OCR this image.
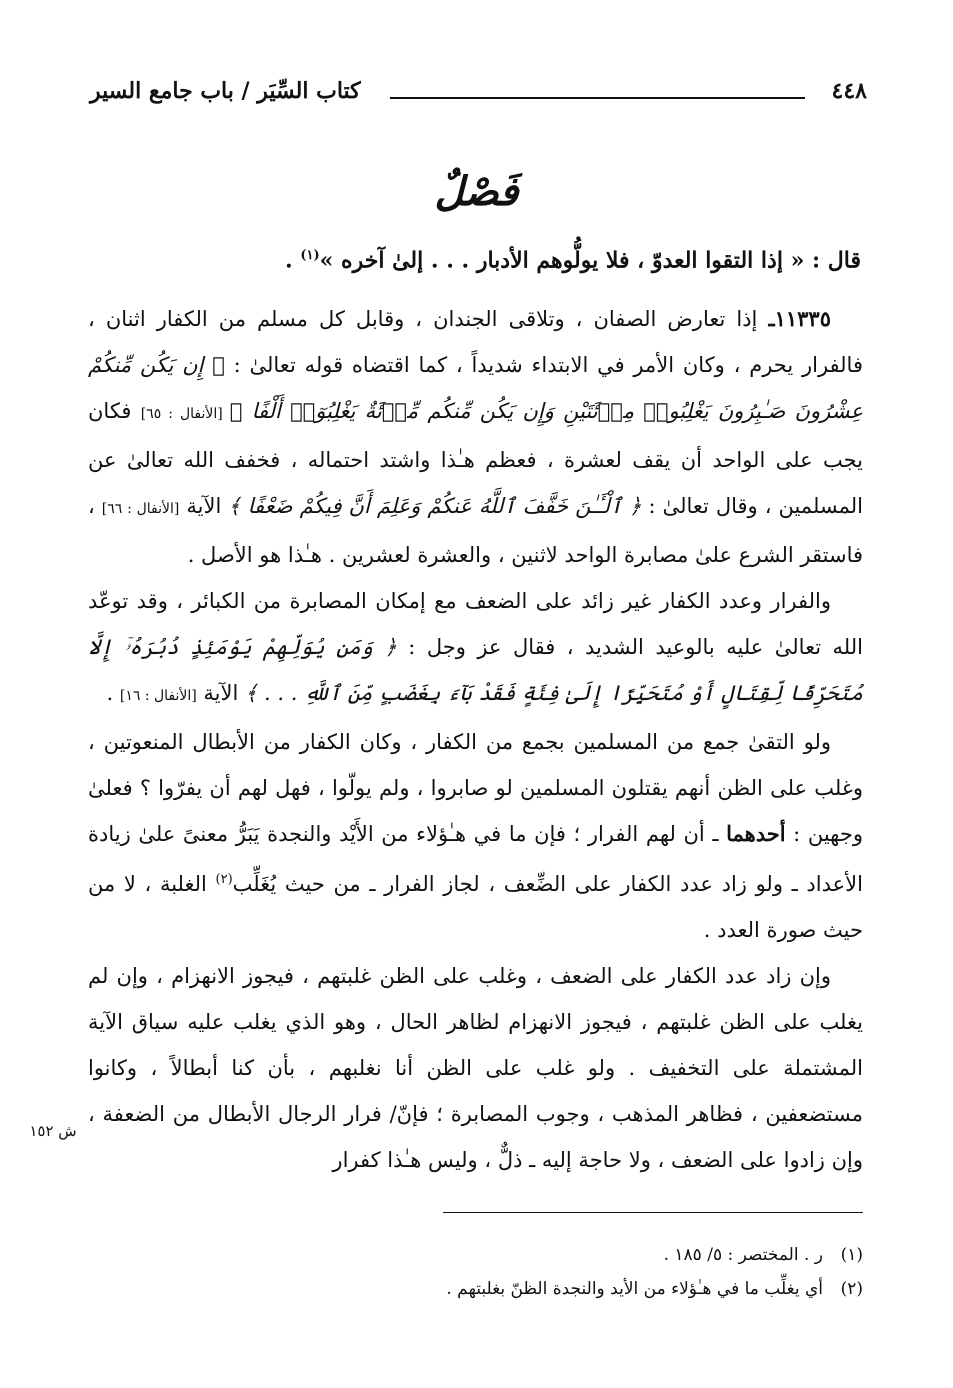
٤٤٨
كتاب السِّيَر / باب جامع السير
فَصْلٌ
قال : « إذا التقوا العدوّ ، فلا يولُّوهم الأدبار . . . إلىٰ آخره »$^{(١)}$ .

١١٣٣٥ـ إذا تعارض الصفان ، وتلاقى الجندان ، وقابل كل مسلم من الكفار اثنان ، فالفرار يحرم ، وكان الأمر في الابتداء شديداً ، كما اقتضاه قوله تعالىٰ : ﴿ إِن يَكُن مِّنكُمْ عِشْرُونَ صَـٰبِرُونَ يَغْلِبُوا۟ مِا۟ئَتَيْنِ وَإِن يَكُن مِّنكُم مِّا۟ئَةٌ يَغْلِبُوٓا۟ أَلْفًا ﴾ [الأنفال : ٦٥] فكان يجب على الواحد أن يقف لعشرة ، فعظم هـٰذا واشتد احتماله ، فخفف الله تعالىٰ عن المسلمين ، وقال تعالىٰ : ﴿ ٱلْـَٔـٰنَ خَفَّفَ ٱللَّهُ عَنكُمْ وَعَلِمَ أَنَّ فِيكُمْ ضَعْفًا ﴾ الآية [الأنفال : ٦٦] ، فاستقر الشرع علىٰ مصابرة الواحد لاثنين ، والعشرة لعشرين . هـٰذا هو الأصل .

والفرار وعدد الكفار غير زائد على الضعف مع إمكان المصابرة من الكبائر ، وقد توعّد الله تعالىٰ عليه بالوعيد الشديد ، فقال عز وجل : ﴿ وَمَن يُوَلِّهِمْ يَوْمَئِذٍ دُبُرَهُۥٓ إِلَّا مُتَحَرِّفًا لِّقِتَالٍ أَوْ مُتَحَيِّزًا إِلَىٰ فِئَةٍ فَقَدْ بَآءَ بِغَضَبٍ مِّنَ ٱللَّهِ . . . ﴾ الآية [الأنفال : ١٦] .

ولو التقىٰ جمع من المسلمين بجمع من الكفار ، وكان الكفار من الأبطال المنعوتين ، وغلب على الظن أنهم يقتلون المسلمين لو صابروا ، ولم يولّوا ، فهل لهم أن يفرّوا ؟ فعلىٰ وجهين : أحدهما ـ أن لهم الفرار ؛ فإن ما في هـٰؤلاء من الأَيْد والنجدة يَبَرُّ معنىً علىٰ زيادة الأعداد ـ ولو زاد عدد الكفار على الضِّعف ، لجاز الفرار ـ من حيث يُغَلِّب$^{(٢)}$ الغلبة ، لا من حيث صورة العدد .

وإن زاد عدد الكفار على الضعف ، وغلب على الظن غلبتهم ، فيجوز الانهزام ، وإن لم يغلب على الظن غلبتهم ، فيجوز الانهزام لظاهر الحال ، وهو الذي يغلب عليه سياق الآية المشتملة على التخفيف . ولو غلب على الظن أنا نغلبهم ، بأن كنا أبطالاً ، وكانوا مستضعفين ، فظاهر المذهب ، وجوب المصابرة ؛ فإنّ/ فرار الرجال الأبطال من الضعفة ، وإن زادوا على الضعف ، ولا حاجة إليه ـ ذلٌّ ، وليس هـٰذا كفرار

ش ١٥٢
(١)ر . المختصر : ٥/ ١٨٥ .
(٢)أي يغلِّب ما في هـٰؤلاء من الأيد والنجدة الظنّ بغلبتهم .
